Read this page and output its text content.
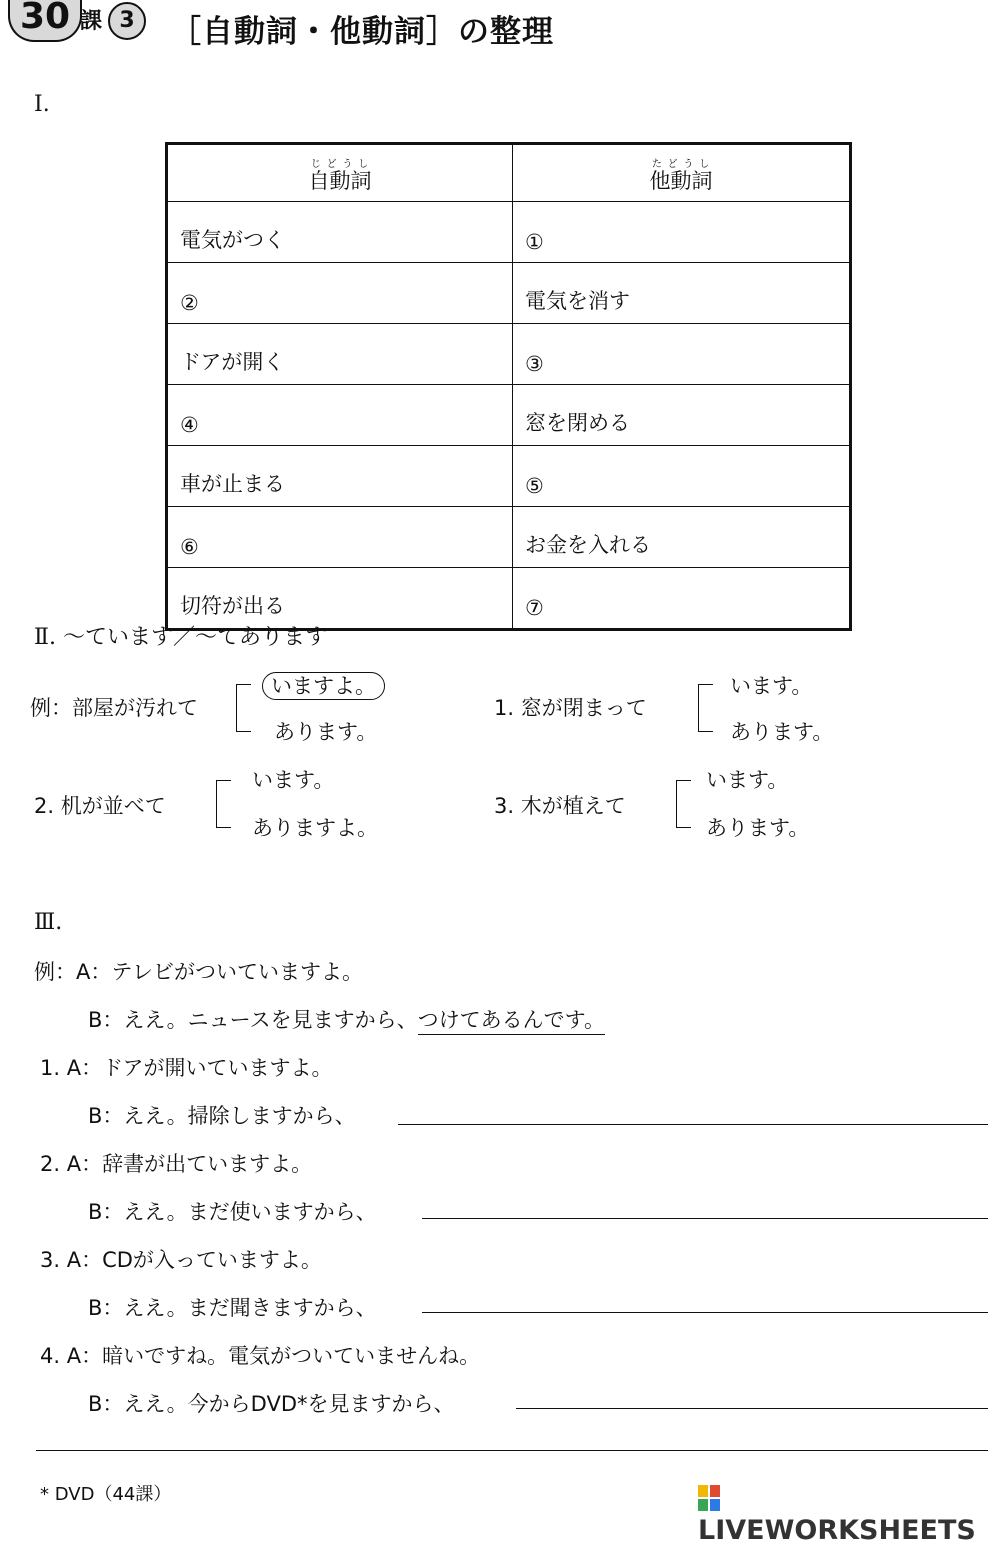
30 課 3	［自動詞・他動詞］の整理
Ⅰ.
自動詞じどうし	他動詞たどうし
電気がつく	①
②	電気を消す
ドアが開く	③
④	窓を閉める
車が止まる	⑤
⑥	お金を入れる
切符が出る	⑦
Ⅱ. ～ています／～てあります
例：部屋が汚れて
いますよ。
あります。
1. 窓が閉まって
います。
あります。
2. 机が並べて
います。
ありますよ。
3. 木が植えて
います。
あります。
Ⅲ.
例：A：テレビがついていますよ。
B：ええ。ニュースを見ますから、つけてあるんです。
1. A：ドアが開いていますよ。
B：ええ。掃除しますから、
2. A：辞書が出ていますよ。
B：ええ。まだ使いますから、
3. A：CDが入っていますよ。
B：ええ。まだ聞きますから、
4. A：暗いですね。電気がついていませんね。
B：ええ。今からDVD*を見ますから、
* DVD（44課）
LIVEWORKSHEETS
